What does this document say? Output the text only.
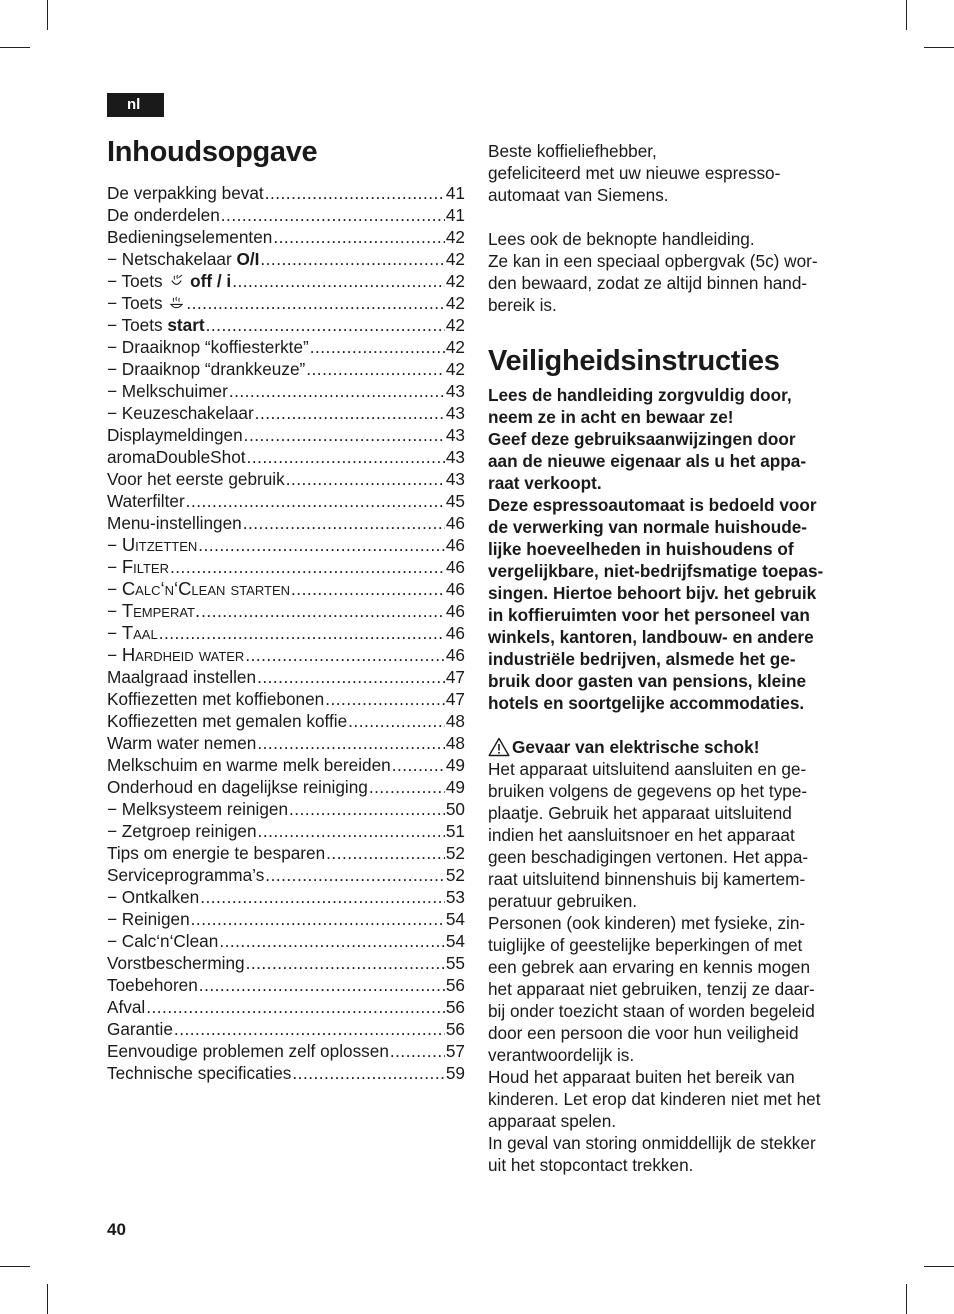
nl
Inhoudsopgave
De verpakking bevat .....	41
De onderdelen .....	41
Bedieningselementen .....	42
− Netschakelaar O/I .....	42
− Toets  off / i .....	42
− Toets .....	42
− Toets start .....	42
− Draaiknop “koffiesterkte” .....	42
− Draaiknop “drankkeuze” .....	42
− Melkschuimer .....	43
− Keuzeschakelaar .....	43
Displaymeldingen .....	43
aromaDoubleShot .....	43
Voor het eerste gebruik .....	43
Waterfilter .....	45
Menu-instellingen .....	46
− Uitzetten .....	46
− Filter .....	46
− Calc‘n‘Clean starten .....	46
− Temperat. .....	46
− Taal .....	46
− Hardheid water .....	46
Maalgraad instellen .....	47
Koffiezetten met koffiebonen .....	47
Koffiezetten met gemalen koffie .....	48
Warm water nemen .....	48
Melkschuim en warme melk bereiden .....	49
Onderhoud en dagelijkse reiniging .....	49
− Melksysteem reinigen .....	50
− Zetgroep reinigen .....	51
Tips om energie te besparen .....	52
Serviceprogramma’s .....	52
− Ontkalken .....	53
− Reinigen .....	54
− Calc‘n‘Clean .....	54
Vorstbescherming .....	55
Toebehoren .....	56
Afval .....	56
Garantie .....	56
Eenvoudige problemen zelf oplossen .....	57
Technische specificaties .....	59

Beste koffieliefhebber,

gefeliciteerd met uw nieuwe espresso-

automaat van Siemens.

Lees ook de beknopte handleiding.

Ze kan in een speciaal opbergvak (5c) wor-

den bewaard, zodat ze altijd binnen hand-

bereik is.

Veiligheidsinstructies

Lees de handleiding zorgvuldig door,

neem ze in acht en bewaar ze!

Geef deze gebruiksaanwijzingen door

aan de nieuwe eigenaar als u het appa-

raat verkoopt.

Deze espressoautomaat is bedoeld voor

de verwerking van normale huishoude-

lijke hoeveelheden in huishoudens of

vergelijkbare, niet-bedrijfsmatige toepas-

singen. Hiertoe behoort bijv. het gebruik

in koffieruimten voor het personeel van

winkels, kantoren, landbouw- en andere

industriële bedrijven, alsmede het ge-

bruik door gasten van pensions, kleine

hotels en soortgelijke accommodaties.

Gevaar van elektrische schok!

Het apparaat uitsluitend aansluiten en ge-

bruiken volgens de gegevens op het type-

plaatje. Gebruik het apparaat uitsluitend

indien het aansluitsnoer en het apparaat

geen beschadigingen vertonen. Het appa-

raat uitsluitend binnenshuis bij kamertem-

peratuur gebruiken.

Personen (ook kinderen) met fysieke, zin-

tuiglijke of geestelijke beperkingen of met

een gebrek aan ervaring en kennis mogen

het apparaat niet gebruiken, tenzij ze daar-

bij onder toezicht staan of worden begeleid

door een persoon die voor hun veiligheid

verantwoordelijk is.

Houd het apparaat buiten het bereik van

kinderen. Let erop dat kinderen niet met het

apparaat spelen.

In geval van storing onmiddellijk de stekker

uit het stopcontact trekken.

40
